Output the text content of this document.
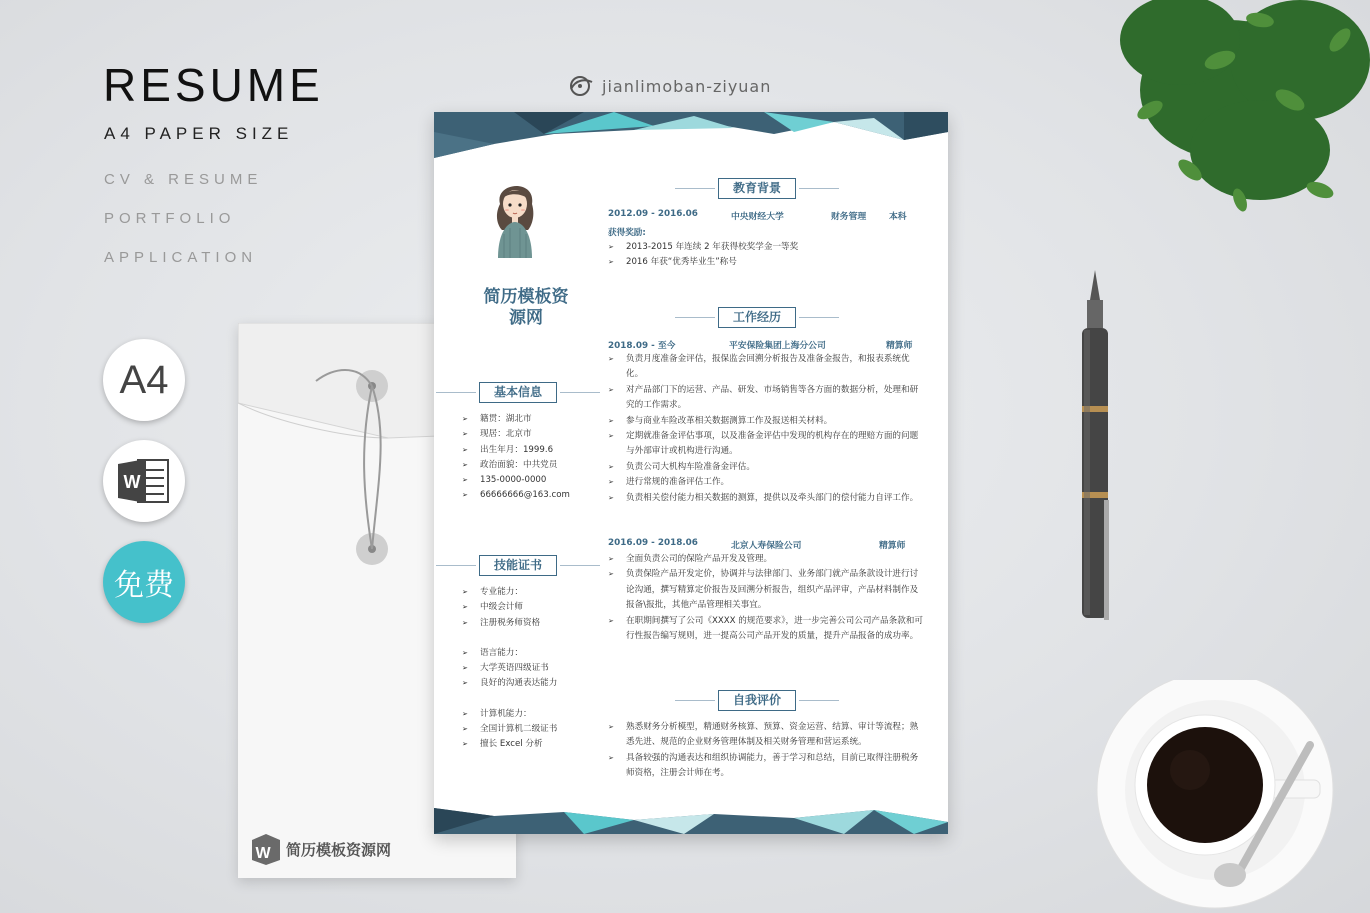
RESUME
A4 PAPER SIZE
CV & RESUME
PORTFOLIO
APPLICATION
A4
W
免费
W 简历模板资源网
jianlimoban-ziyuan
简历模板资
源网
基本信息
➢ 籍贯：湖北市
➢ 现居：北京市
➢ 出生年月：1999.6
➢ 政治面貌：中共党员
➢ 135-0000-0000
➢ 66666666@163.com
技能证书
➢ 专业能力：
➢ 中级会计师
➢ 注册税务师资格
➢ 语言能力：
➢ 大学英语四级证书
➢ 良好的沟通表达能力
➢ 计算机能力：
➢ 全国计算机二级证书
➢ 擅长 Excel 分析
教育背景
2012.09 - 2016.06	中央财经大学	财务管理	本科
获得奖励:
➢ 2013-2015 年连续 2 年获得校奖学金一等奖
➢ 2016 年获“优秀毕业生”称号
工作经历
2018.09 - 至今	平安保险集团上海分公司	精算师
➢ 负责月度准备金评估，报保监会回溯分析报告及准备金报告，和报表系统优化。
➢ 对产品部门下的运营、产品、研发、市场销售等各方面的数据分析，处理和研究的工作需求。
➢ 参与商业车险改革相关数据测算工作及报送相关材料。
➢ 定期就准备金评估事项，以及准备金评估中发现的机构存在的理赔方面的问题与外部审计或机构进行沟通。
➢ 负责公司大机构车险准备金评估。
➢ 进行常规的准备评估工作。
➢ 负责相关偿付能力相关数据的测算，提供以及牵头部门的偿付能力自评工作。
2016.09 - 2018.06	北京人寿保险公司	精算师
➢ 全面负责公司的保险产品开发及管理。
➢ 负责保险产品开发定价，协调并与法律部门、业务部门就产品条款设计进行讨论沟通，撰写精算定价报告及回溯分析报告，组织产品评审，产品材料制作及报备\报批，其他产品管理相关事宜。
➢ 在职期间撰写了公司《XXXX 的规范要求》，进一步完善公司公司产品条款和可行性报告编写规则，进一提高公司产品开发的质量，提升产品报备的成功率。
自我评价
➢ 熟悉财务分析模型，精通财务核算、预算、资金运营、结算、审计等流程；熟悉先进、规范的企业财务管理体制及相关财务管理和营运系统。
➢ 具备较强的沟通表达和组织协调能力，善于学习和总结，目前已取得注册税务师资格，注册会计师在考。
